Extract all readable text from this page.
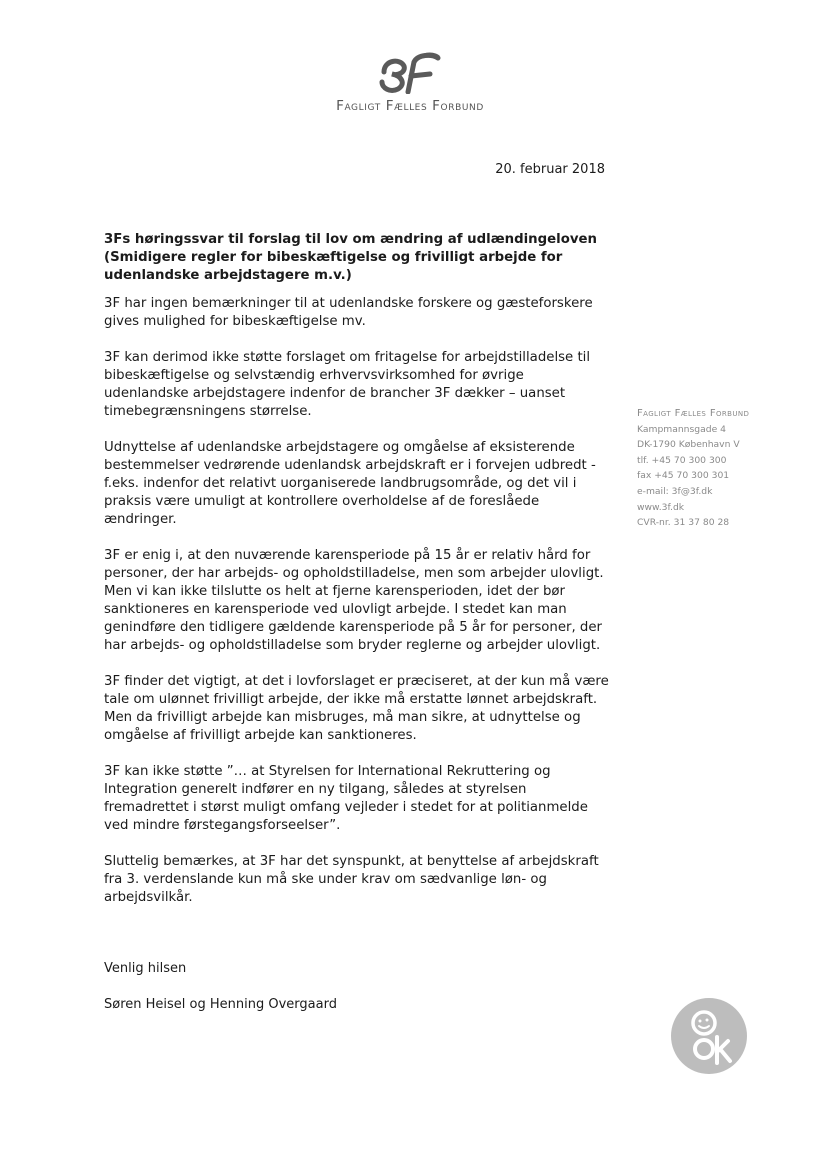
Fagligt Fælles Forbund
20. februar 2018
3Fs høringssvar til forslag til lov om ændring af udlændingeloven
(Smidigere regler for bibeskæftigelse og frivilligt arbejde for
udenlandske arbejdstagere m.v.)

3F har ingen bemærkninger til at udenlandske forskere og gæsteforskere gives mulighed for bibeskæftigelse mv.

3F kan derimod ikke støtte forslaget om fritagelse for arbejdstilladelse til bibeskæftigelse og selvstændig erhvervsvirksomhed for øvrige udenlandske arbejdstagere indenfor de brancher 3F dækker – uanset timebegrænsningens størrelse.

Udnyttelse af udenlandske arbejdstagere og omgåelse af eksisterende bestemmelser vedrørende udenlandsk arbejdskraft er i forvejen udbredt - f.eks. indenfor det relativt uorganiserede landbrugsområde, og det vil i praksis være umuligt at kontrollere overholdelse af de foreslåede ændringer.

3F er enig i, at den nuværende karensperiode på 15 år er relativ hård for personer, der har arbejds- og opholdstilladelse, men som arbejder ulovligt. Men vi kan ikke tilslutte os helt at fjerne karensperioden, idet der bør sanktioneres en karensperiode ved ulovligt arbejde. I stedet kan man genindføre den tidligere gældende karensperiode på 5 år for personer, der har arbejds- og opholdstilladelse som bryder reglerne og arbejder ulovligt.

3F finder det vigtigt, at det i lovforslaget er præciseret, at der kun må være tale om ulønnet frivilligt arbejde, der ikke må erstatte lønnet arbejdskraft. Men da frivilligt arbejde kan misbruges, må man sikre, at udnyttelse og omgåelse af frivilligt arbejde kan sanktioneres.

3F kan ikke støtte ”… at Styrelsen for International Rekruttering og Integration generelt indfører en ny tilgang, således at styrelsen fremadrettet i størst muligt omfang vejleder i stedet for at politianmelde ved mindre førstegangsforseelser”.

Sluttelig bemærkes, at 3F har det synspunkt, at benyttelse af arbejdskraft fra 3. verdenslande kun må ske under krav om sædvanlige løn- og arbejdsvilkår.

Venlig hilsen
Søren Heisel og Henning Overgaard
Fagligt Fælles Forbund
Kampmannsgade 4
DK-1790 København V
tlf. +45 70 300 300
fax +45 70 300 301
e-mail: 3f@3f.dk
www.3f.dk
CVR-nr. 31 37 80 28
